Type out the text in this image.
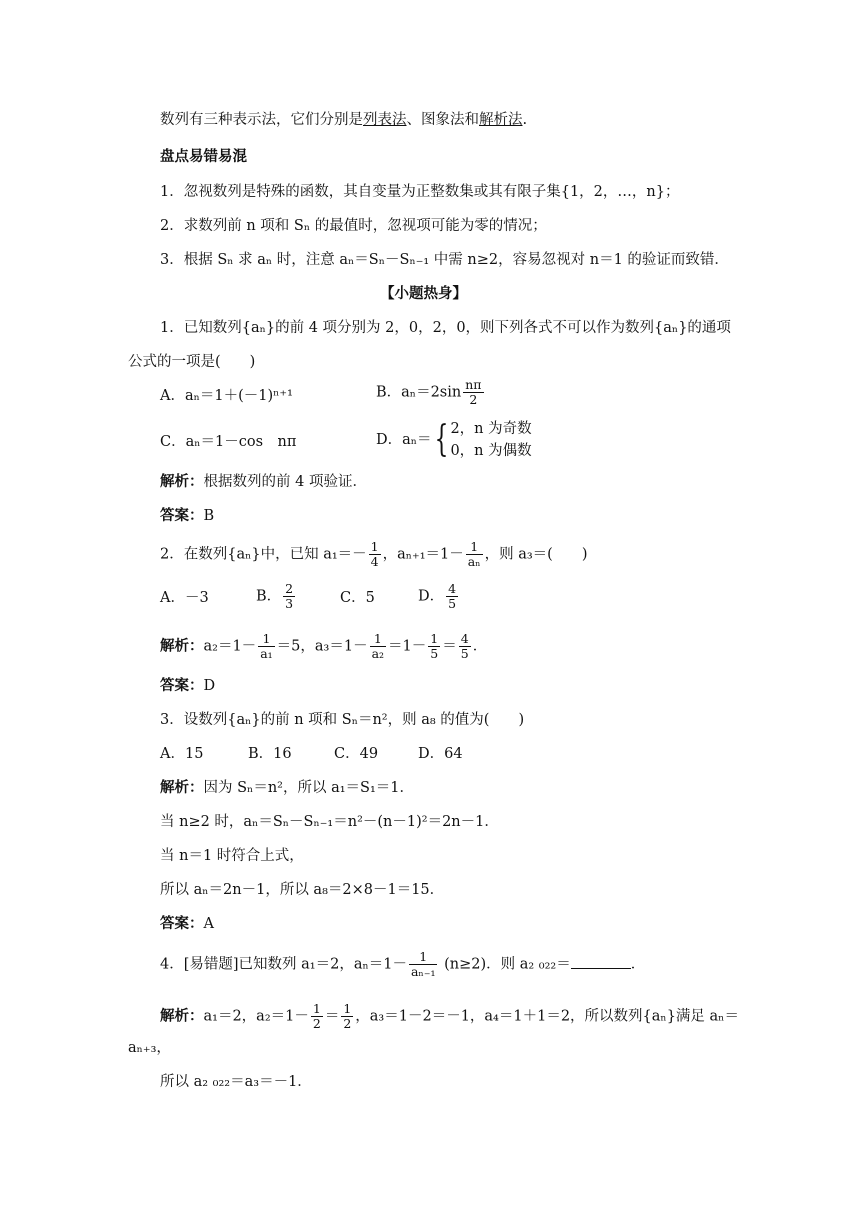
数列有三种表示法，它们分别是列表法、图象法和解析法.
盘点易错易混
1．忽视数列是特殊的函数，其自变量为正整数集或其有限子集{1，2，…，n}；
2．求数列前 n 项和 Sₙ 的最值时，忽视项可能为零的情况；
3．根据 Sₙ 求 aₙ 时，注意 aₙ＝Sₙ－Sₙ₋₁ 中需 n≥2，容易忽视对 n＝1 的验证而致错．
【小题热身】
1．已知数列{aₙ}的前 4 项分别为 2，0，2，0，则下列各式不可以作为数列{aₙ}的通项
公式的一项是(　　)
A．aₙ＝1＋(－1)ⁿ⁺¹	B．$a_n=2\sin \frac{n\pi}{2}$
C．aₙ＝1－cos　nπ	D．aₙ＝{ 2，n 为奇数
0，n 为偶数
解析：根据数列的前 4 项验证．
答案：B
2．在数列{aₙ}中，已知 $a_1=- \frac{1}{4}$ ，$a_{n+1}=1- \frac{1}{\text{aₙ}}$ ，则 a₃＝(　　)
A．－3	B． $\frac{2}{3}$	C．5	D． $\frac{4}{5}$
解析：$a_2=1- \frac{1}{\text{a₁}} =5$，$a_3=1- \frac{1}{\text{a₂}} =1- \frac{1}{5} = \frac{4}{5}$ ．
答案：D
3．设数列{aₙ}的前 n 项和 Sₙ＝n²，则 a₈ 的值为(　　)
A．15	B．16	C．49	D．64
解析：因为 Sₙ＝n²，所以 a₁＝S₁＝1．
当 n≥2 时，aₙ＝Sₙ－Sₙ₋₁＝n²－(n－1)²＝2n－1．
当 n＝1 时符合上式，
所以 aₙ＝2n－1，所以 a₈＝2×8－1＝15．
答案：A
4．[易错题]已知数列 a₁＝2，$a_n=1- \frac{1}{\text{aₙ₋₁}} (n\ge 2)$．则 a₂ ₀₂₂＝	．
解析：a₁＝2，$a_2=1- \frac{1}{2} = \frac{1}{2}$ ，a₃＝1－2＝－1，a₄＝1＋1＝2，所以数列{aₙ}满足 aₙ＝
aₙ₊₃，
所以 a₂ ₀₂₂＝a₃＝－1．
